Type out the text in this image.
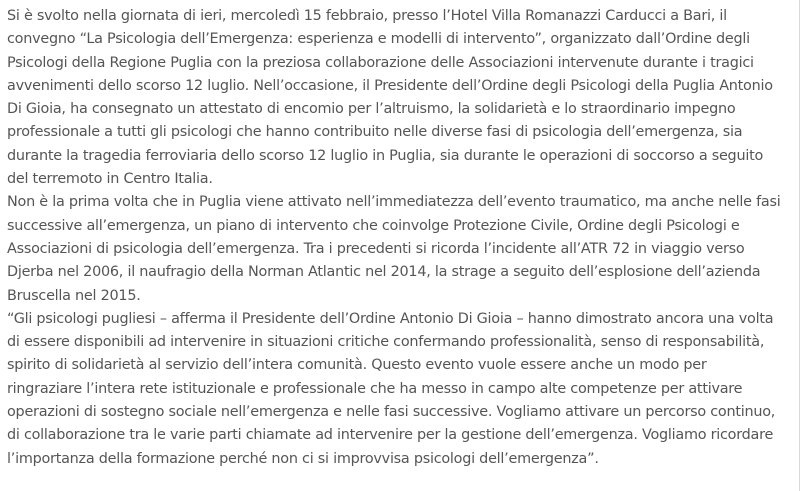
Si è svolto nella giornata di ieri, mercoledì 15 febbraio, presso l’Hotel Villa Romanazzi Carducci a Bari, il
convegno “La Psicologia dell’Emergenza: esperienza e modelli di intervento”, organizzato dall’Ordine degli
Psicologi della Regione Puglia con la preziosa collaborazione delle Associazioni intervenute durante i tragici
avvenimenti dello scorso 12 luglio. Nell’occasione, il Presidente dell’Ordine degli Psicologi della Puglia Antonio
Di Gioia, ha consegnato un attestato di encomio per l’altruismo, la solidarietà e lo straordinario impegno
professionale a tutti gli psicologi che hanno contribuito nelle diverse fasi di psicologia dell’emergenza, sia
durante la tragedia ferroviaria dello scorso 12 luglio in Puglia, sia durante le operazioni di soccorso a seguito
del terremoto in Centro Italia.
Non è la prima volta che in Puglia viene attivato nell’immediatezza dell’evento traumatico, ma anche nelle fasi
successive all’emergenza, un piano di intervento che coinvolge Protezione Civile, Ordine degli Psicologi e
Associazioni di psicologia dell’emergenza. Tra i precedenti si ricorda l’incidente all’ATR 72 in viaggio verso
Djerba nel 2006, il naufragio della Norman Atlantic nel 2014, la strage a seguito dell’esplosione dell’azienda
Bruscella nel 2015.
“Gli psicologi pugliesi – afferma il Presidente dell’Ordine Antonio Di Gioia – hanno dimostrato ancora una volta
di essere disponibili ad intervenire in situazioni critiche confermando professionalità, senso di responsabilità,
spirito di solidarietà al servizio dell’intera comunità. Questo evento vuole essere anche un modo per
ringraziare l’intera rete istituzionale e professionale che ha messo in campo alte competenze per attivare
operazioni di sostegno sociale nell’emergenza e nelle fasi successive. Vogliamo attivare un percorso continuo,
di collaborazione tra le varie parti chiamate ad intervenire per la gestione dell’emergenza. Vogliamo ricordare
l’importanza della formazione perché non ci si improvvisa psicologi dell’emergenza”.
